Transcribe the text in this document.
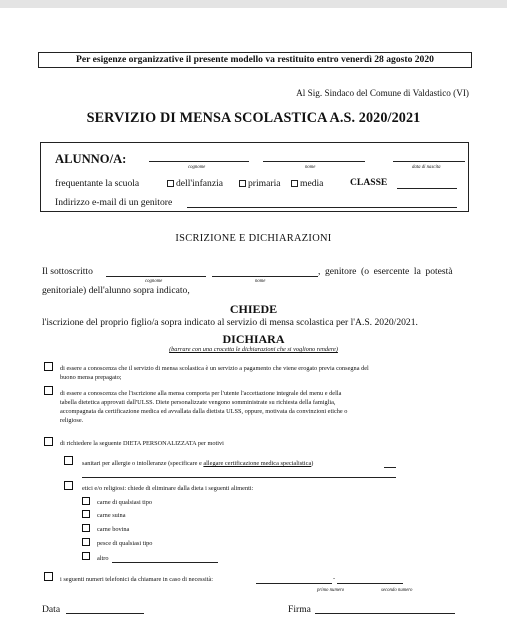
Per esigenze organizzative il presente modello va restituito entro venerdì 28 agosto 2020
Al Sig. Sindaco del Comune di Valdastico (VI)
SERVIZIO DI MENSA SCOLASTICA A.S. 2020/2021
ALUNNO/A:
cognome	nome	data di nascita
frequentante la scuola	dell'infanzia	primaria	media	CLASSE
Indirizzo e-mail di un genitore
ISCRIZIONE E DICHIARAZIONI
Il sottoscritto
cognome	nome
, genitore (o esercente la potestà
genitoriale) dell'alunno sopra indicato,
CHIEDE
l'iscrizione del proprio figlio/a sopra indicato al servizio di mensa scolastica per l'A.S. 2020/2021.
DICHIARA
(barrare con una crocetta le dichiarazioni che si vogliono rendere)
di essere a conoscenza che il servizio di mensa scolastica è un servizio a pagamento che viene erogato previa consegna del
buono mensa prepagato;
di essere a conoscenza che l'iscrizione alla mensa comporta per l'utente l'accettazione integrale del menu e della
tabella dietetica approvati dall'ULSS. Diete personalizzate vengono somministrate su richiesta della famiglia,
accompagnata da certificazione medica ed avvallata dalla dietista ULSS, oppure, motivata da convinzioni etiche o
religiose.
di richiedere la seguente DIETA PERSONALIZZATA per motivi
sanitari per allergie o intolleranze (specificare e allegare certificazione medica specialistica)
etici e/o religiosi: chiede di eliminare dalla dieta i seguenti alimenti:
carne di qualsiasi tipo
carne suina
carne bovina
pesce di qualsiasi tipo
altro
i seguenti numeri telefonici da chiamare in caso di necessità:	-
primo numero	secondo numero
Data	Firma
